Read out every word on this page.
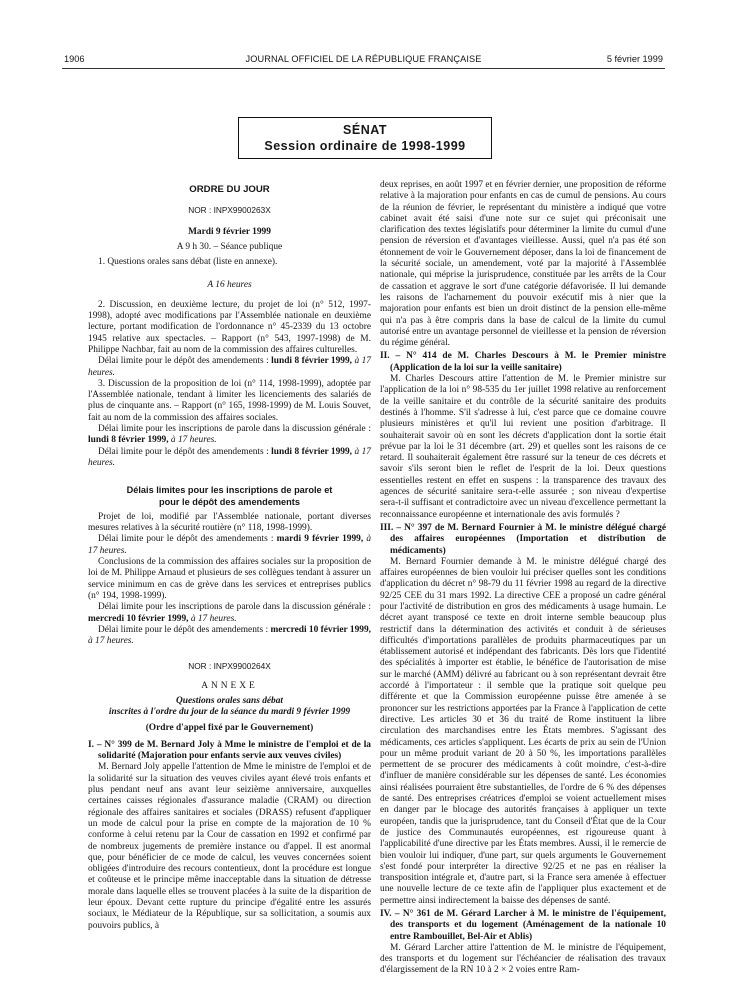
1906	JOURNAL OFFICIEL DE LA RÉPUBLIQUE FRANÇAISE	5 février 1999
SÉNAT
Session ordinaire de 1998-1999
ORDRE DU JOUR
NOR : INPX9900263X
Mardi 9 février 1999

A 9 h 30. – Séance publique

1. Questions orales sans débat (liste en annexe).

A 16 heures

2. Discussion, en deuxième lecture, du projet de loi (n° 512, 1997-1998), adopté avec modifications par l'Assemblée nationale en deuxième lecture, portant modification de l'ordonnance n° 45-2339 du 13 octobre 1945 relative aux spectacles. – Rapport (n° 543, 1997-1998) de M. Philippe Nachbar, fait au nom de la commission des affaires culturelles.

Délai limite pour le dépôt des amendements : lundi 8 février 1999, à 17 heures.

3. Discussion de la proposition de loi (n° 114, 1998-1999), adoptée par l'Assemblée nationale, tendant à limiter les licenciements des salariés de plus de cinquante ans. – Rapport (n° 165, 1998-1999) de M. Louis Souvet, fait au nom de la commission des affaires sociales.

Délai limite pour les inscriptions de parole dans la discussion générale : lundi 8 février 1999, à 17 heures.

Délai limite pour le dépôt des amendements : lundi 8 février 1999, à 17 heures.

Délais limites pour les inscriptions de parole et pour le dépôt des amendements

Projet de loi, modifié par l'Assemblée nationale, portant diverses mesures relatives à la sécurité routière (n° 118, 1998-1999).

Délai limite pour le dépôt des amendements : mardi 9 février 1999, à 17 heures.

Conclusions de la commission des affaires sociales sur la proposition de loi de M. Philippe Arnaud et plusieurs de ses collègues tendant à assurer un service minimum en cas de grève dans les services et entreprises publics (n° 194, 1998-1999).

Délai limite pour les inscriptions de parole dans la discussion générale : mercredi 10 février 1999, à 17 heures.

Délai limite pour le dépôt des amendements : mercredi 10 février 1999, à 17 heures.

NOR : INPX9900264X

ANNEXE

Questions orales sans débat

inscrites à l'ordre du jour de la séance du mardi 9 février 1999

(Ordre d'appel fixé par le Gouvernement)

I. – N° 399 de M. Bernard Joly à Mme le ministre de l'emploi et de la solidarité (Majoration pour enfants servie aux veuves civiles)

M. Bernard Joly appelle l'attention de Mme le ministre de l'emploi et de la solidarité sur la situation des veuves civiles ayant élevé trois enfants et plus pendant neuf ans avant leur seizième anniversaire, auxquelles certaines caisses régionales d'assurance maladie (CRAM) ou direction régionale des affaires sanitaires et sociales (DRASS) refusent d'appliquer un mode de calcul pour la prise en compte de la majoration de 10 % conforme à celui retenu par la Cour de cassation en 1992 et confirmé par de nombreux jugements de première instance ou d'appel. Il est anormal que, pour bénéficier de ce mode de calcul, les veuves concernées soient obligées d'introduire des recours contentieux, dont la procédure est longue et coûteuse et le principe même inacceptable dans la situation de détresse morale dans laquelle elles se trouvent placées à la suite de la disparition de leur époux. Devant cette rupture du principe d'égalité entre les assurés sociaux, le Médiateur de la République, sur sa sollicitation, a soumis aux pouvoirs publics, à

deux reprises, en août 1997 et en février dernier, une proposition de réforme relative à la majoration pour enfants en cas de cumul de pensions. Au cours de la réunion de février, le représentant du ministère a indiqué que votre cabinet avait été saisi d'une note sur ce sujet qui préconisait une clarification des textes législatifs pour déterminer la limite du cumul d'une pension de réversion et d'avantages vieillesse. Aussi, quel n'a pas été son étonnement de voir le Gouvernement déposer, dans la loi de financement de la sécurité sociale, un amendement, voté par la majorité à l'Assemblée nationale, qui méprise la jurisprudence, constituée par les arrêts de la Cour de cassation et aggrave le sort d'une catégorie défavorisée. Il lui demande les raisons de l'acharnement du pouvoir exécutif mis à nier que la majoration pour enfants est bien un droit distinct de la pension elle-même qui n'a pas à être compris dans la base de calcul de la limite du cumul autorisé entre un avantage personnel de vieillesse et la pension de réversion du régime général.

II. – N° 414 de M. Charles Descours à M. le Premier ministre (Application de la loi sur la veille sanitaire)

M. Charles Descours attire l'attention de M. le Premier ministre sur l'application de la loi n° 98-535 du 1er juillet 1998 relative au renforcement de la veille sanitaire et du contrôle de la sécurité sanitaire des produits destinés à l'homme. S'il s'adresse à lui, c'est parce que ce domaine couvre plusieurs ministères et qu'il lui revient une position d'arbitrage. Il souhaiterait savoir où en sont les décrets d'application dont la sortie était prévue par la loi le 31 décembre (art. 29) et quelles sont les raisons de ce retard. Il souhaiterait également être rassuré sur la teneur de ces décrets et savoir s'ils seront bien le reflet de l'esprit de la loi. Deux questions essentielles restent en effet en suspens : la transparence des travaux des agences de sécurité sanitaire sera-t-elle assurée ; son niveau d'expertise sera-t-il suffisant et contradictoire avec un niveau d'excellence permettant la reconnaissance européenne et internationale des avis formulés ?

III. – N° 397 de M. Bernard Fournier à M. le ministre délégué chargé des affaires européennes (Importation et distribution de médicaments)

M. Bernard Fournier demande à M. le ministre délégué chargé des affaires européennes de bien vouloir lui préciser quelles sont les conditions d'application du décret n° 98-79 du 11 février 1998 au regard de la directive 92/25 CEE du 31 mars 1992. La directive CEE a proposé un cadre général pour l'activité de distribution en gros des médicaments à usage humain. Le décret ayant transposé ce texte en droit interne semble beaucoup plus restrictif dans la détermination des activités et conduit à de sérieuses difficultés d'importations parallèles de produits pharmaceutiques par un établissement autorisé et indépendant des fabricants. Dès lors que l'identité des spécialités à importer est établie, le bénéfice de l'autorisation de mise sur le marché (AMM) délivré au fabricant ou à son représentant devrait être accordé à l'importateur : il semble que la pratique soit quelque peu différente et que la Commission européenne puisse être amenée à se prononcer sur les restrictions apportées par la France à l'application de cette directive. Les articles 30 et 36 du traité de Rome instituent la libre circulation des marchandises entre les États membres. S'agissant des médicaments, ces articles s'appliquent. Les écarts de prix au sein de l'Union pour un même produit variant de 20 à 50 %, les importations parallèles permettent de se procurer des médicaments à coût moindre, c'est-à-dire d'influer de manière considérable sur les dépenses de santé. Les économies ainsi réalisées pourraient être substantielles, de l'ordre de 6 % des dépenses de santé. Des entreprises créatrices d'emploi se voient actuellement mises en danger par le blocage des autorités françaises à appliquer un texte européen, tandis que la jurisprudence, tant du Conseil d'État que de la Cour de justice des Communautés européennes, est rigoureuse quant à l'applicabilité d'une directive par les États membres. Aussi, il le remercie de bien vouloir lui indiquer, d'une part, sur quels arguments le Gouvernement s'est fondé pour interpréter la directive 92/25 et ne pas en réaliser la transposition intégrale et, d'autre part, si la France sera amenée à effectuer une nouvelle lecture de ce texte afin de l'appliquer plus exactement et de permettre ainsi indirectement la baisse des dépenses de santé.

IV. – N° 361 de M. Gérard Larcher à M. le ministre de l'équipement, des transports et du logement (Aménagement de la nationale 10 entre Rambouillet, Bel-Air et Ablis)

M. Gérard Larcher attire l'attention de M. le ministre de l'équipement, des transports et du logement sur l'échéancier de réalisation des travaux d'élargissement de la RN 10 à 2 × 2 voies entre Ram-
